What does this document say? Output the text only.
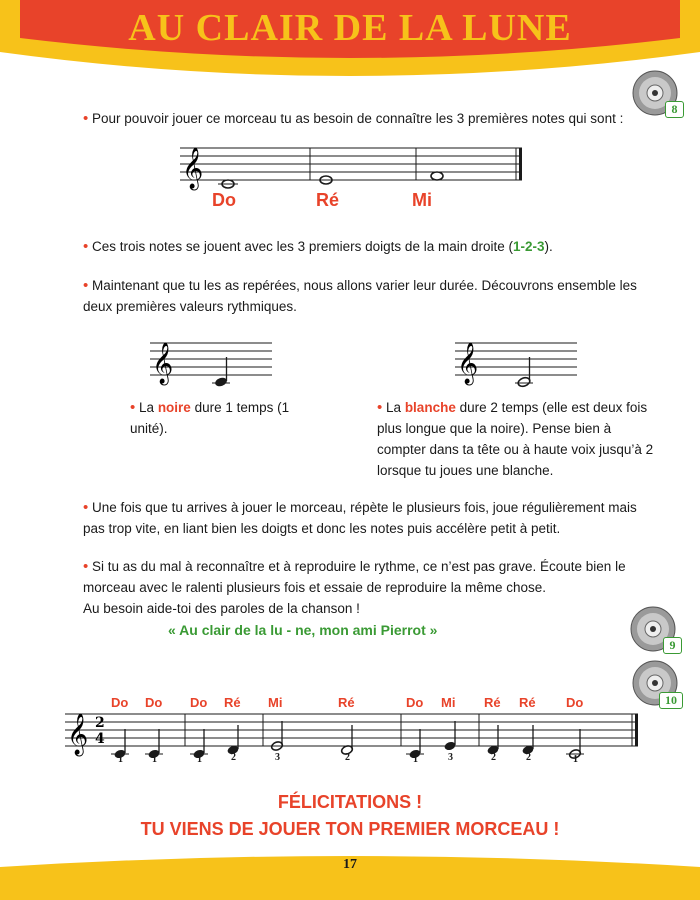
AU CLAIR DE LA LUNE
8
• Pour pouvoir jouer ce morceau tu as besoin de connaître les 3 premières notes qui sont :
𝄞
Do	Ré	Mi
• Ces trois notes se jouent avec les 3 premiers doigts de la main droite (1-2-3).
• Maintenant que tu les as repérées, nous allons varier leur durée. Découvrons ensemble les deux premières valeurs rythmiques.
𝄞	𝄞
• La noire dure 1 temps (1 unité).
• La blanche dure 2 temps (elle est deux fois plus longue que la noire). Pense bien à compter dans ta tête ou à haute voix jusqu’à 2 lorsque tu joues une blanche.
• Une fois que tu arrives à jouer le morceau, répète le plusieurs fois, joue régulièrement mais pas trop vite, en liant bien les doigts et donc les notes puis accélère petit à petit.
• Si tu as du mal à reconnaître et à reproduire le rythme, ce n’est pas grave. Écoute bien le morceau avec le ralenti plusieurs fois et essaie de reproduire la même chose.
Au besoin aide-toi des paroles de la chanson !
« Au clair de la lu - ne, mon ami Pierrot »
9
10
𝄞 2
4
Do
1
Do
1
Do
1
Ré
2
Mi
3
Ré
2
Do
1
Mi
3
Ré
2
Ré
2
Do
1
FÉLICITATIONS !
TU VIENS DE JOUER TON PREMIER MORCEAU !
17
